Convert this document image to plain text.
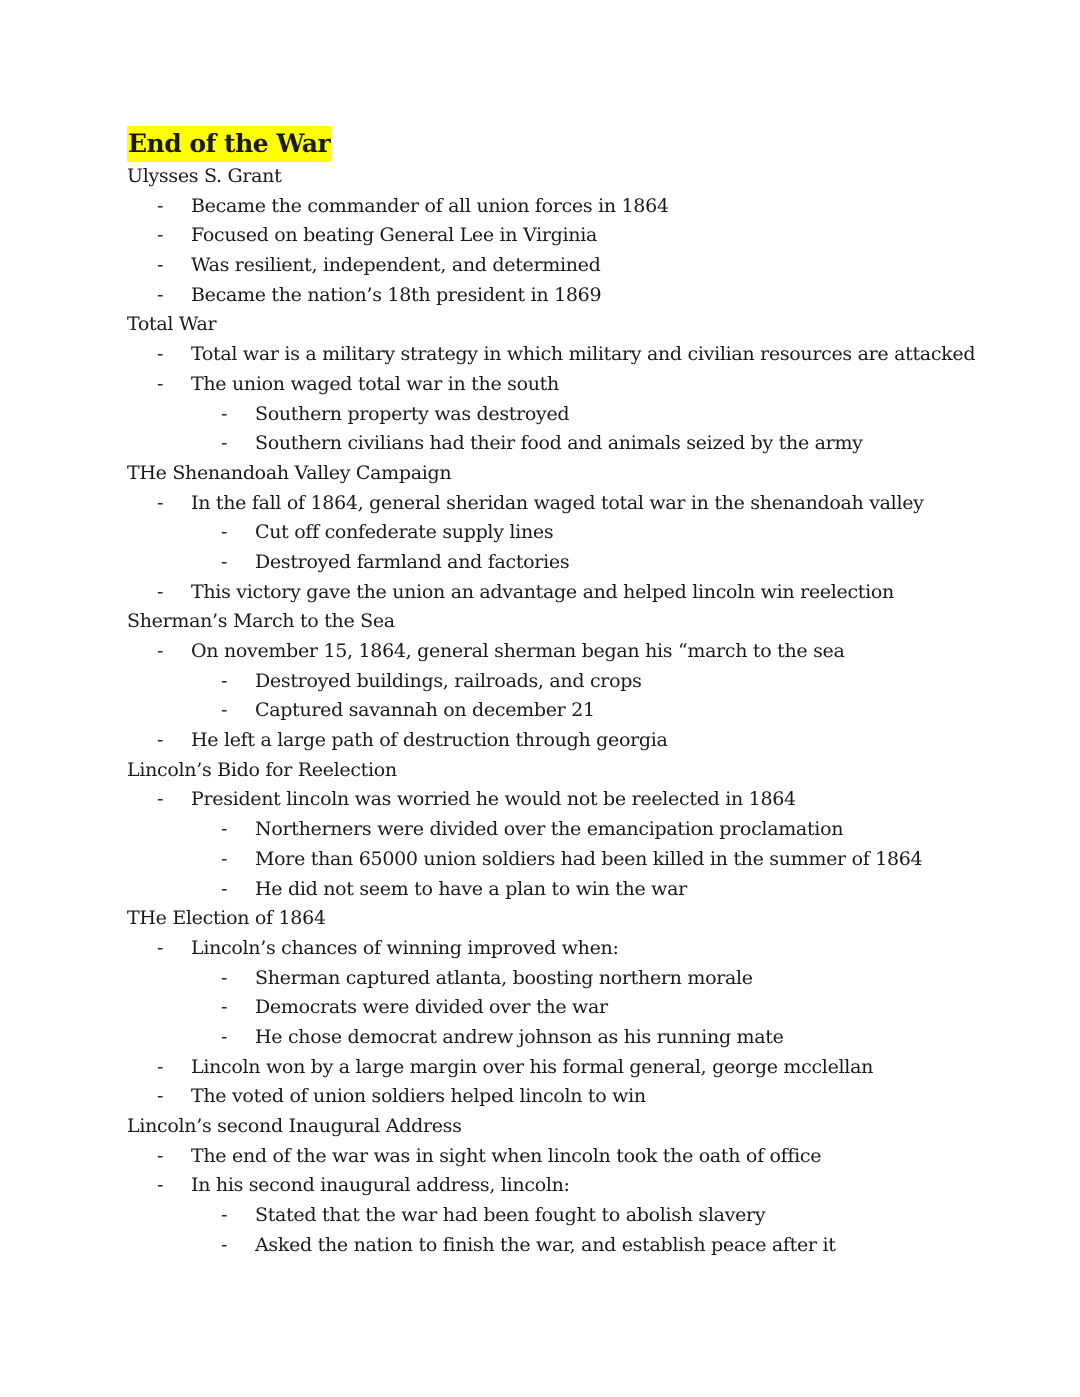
End of the War
Ulysses S. Grant
- Became the commander of all union forces in 1864
- Focused on beating General Lee in Virginia
- Was resilient, independent, and determined
- Became the nation’s 18th president in 1869
Total War
- Total war is a military strategy in which military and civilian resources are attacked
- The union waged total war in the south
- Southern property was destroyed
- Southern civilians had their food and animals seized by the army
THe Shenandoah Valley Campaign
- In the fall of 1864, general sheridan waged total war in the shenandoah valley
- Cut off confederate supply lines
- Destroyed farmland and factories
- This victory gave the union an advantage and helped lincoln win reelection
Sherman’s March to the Sea
- On november 15, 1864, general sherman began his “march to the sea
- Destroyed buildings, railroads, and crops
- Captured savannah on december 21
- He left a large path of destruction through georgia
Lincoln’s Bido for Reelection
- President lincoln was worried he would not be reelected in 1864
- Northerners were divided over the emancipation proclamation
- More than 65000 union soldiers had been killed in the summer of 1864
- He did not seem to have a plan to win the war
THe Election of 1864
- Lincoln’s chances of winning improved when:
- Sherman captured atlanta, boosting northern morale
- Democrats were divided over the war
- He chose democrat andrew johnson as his running mate
- Lincoln won by a large margin over his formal general, george mcclellan
- The voted of union soldiers helped lincoln to win
Lincoln’s second Inaugural Address
- The end of the war was in sight when lincoln took the oath of office
- In his second inaugural address, lincoln:
- Stated that the war had been fought to abolish slavery
- Asked the nation to finish the war, and establish peace after it
